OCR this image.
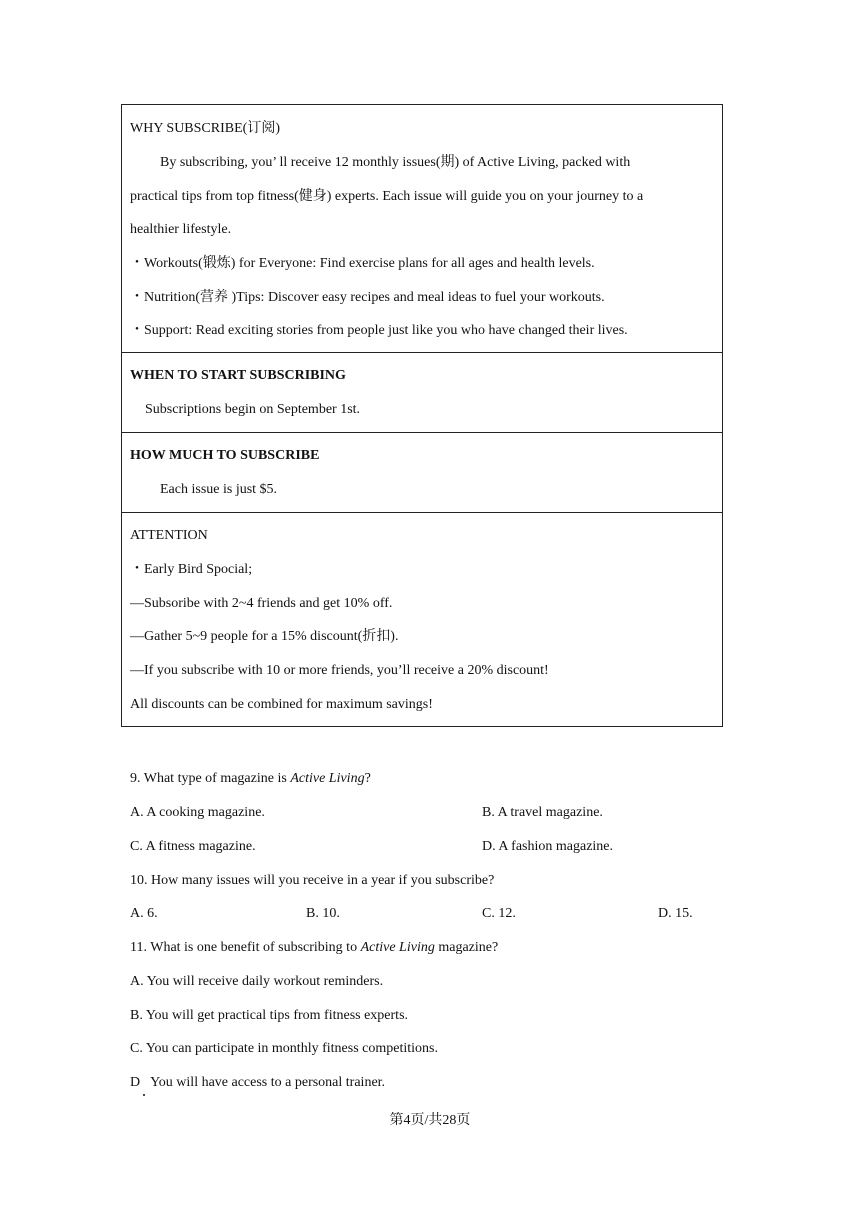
WHY SUBSCRIBE(订阅)
By subscribing, you’ ll receive 12 monthly issues(期) of Active Living, packed with
practical tips from top fitness(健身) experts. Each issue will guide you on your journey to a
healthier lifestyle.
・Workouts(锻炼) for Everyone: Find exercise plans for all ages and health levels.
・Nutrition(营养 )Tips: Discover easy recipes and meal ideas to fuel your workouts.
・Support: Read exciting stories from people just like you who have changed their lives.
WHEN TO START SUBSCRIBING
Subscriptions begin on September 1st.
HOW MUCH TO SUBSCRIBE
Each issue is just $5.
ATTENTION
・Early Bird Spocial;
—Subsoribe with 2~4 friends and get 10% off.
—Gather 5~9 people for a 15% discount(折扣).
—If you subscribe with 10 or more friends, you’ll receive a 20% discount!
All discounts can be combined for maximum savings!
9. What type of magazine is Active Living?
A. A cooking magazine.	B. A travel magazine.
C. A fitness magazine.	D. A fashion magazine.
10. How many issues will you receive in a year if you subscribe?
A. 6.	B. 10.	C. 12.	D. 15.
11. What is one benefit of subscribing to Active Living magazine?
A. You will receive daily workout reminders.
B. You will get practical tips from fitness experts.
C. You can participate in monthly fitness competitions.
D   You will have access to a personal trainer.
第4页/共28页
